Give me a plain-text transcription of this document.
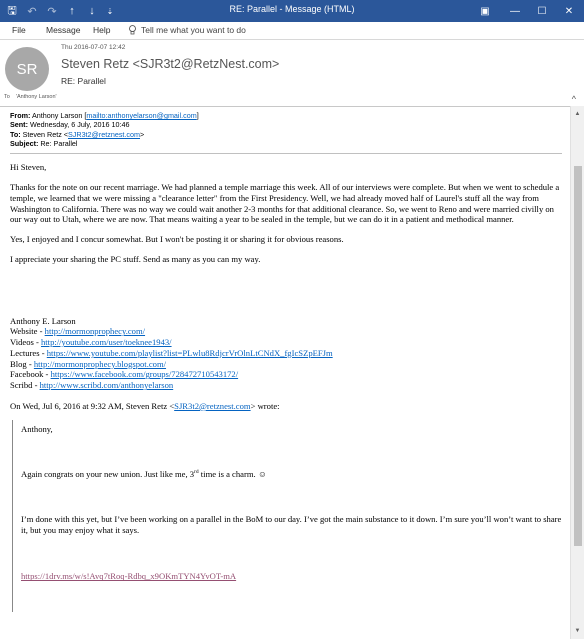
🖫 ↶ ↷	↑	↓	⇣	RE: Parallel - Message (HTML)	▣	—	☐	✕
File Message Help	Tell me what you want to do
SR
Thu 2016-07-07 12:42
Steven Retz <SJR3t2@RetzNest.com>
RE: Parallel
To 'Anthony Larson'	^
From: Anthony Larson [mailto:anthonyelarson@gmail.com]
Sent: Wednesday, 6 July, 2016 10:46
To: Steven Retz <SJR3t2@retznest.com>
Subject: Re: Parallel

Hi Steven,

Thanks for the note on our recent marriage. We had planned a temple marriage this week. All of our interviews were complete. But when we went to schedule a temple, we learned that we were missing a "clearance letter" from the First Presidency. Well, we had already moved half of Laurel's stuff all the way from Washington to California. There was no way we could wait another 2-3 months for that additional clearance. So, we went to Reno and were married civilly on our way out to Utah, where we are now. That means waiting a year to be sealed in the temple, but we can do it in a patient and methodical manner.

Yes, I enjoyed and I concur somewhat. But I won't be posting it or sharing it for obvious reasons.

I appreciate your sharing the PC stuff. Send as many as you can my way.

Anthony E. Larson
Website - http://mormonprophecy.com/
Videos - http://youtube.com/user/toeknee1943/
Lectures - https://www.youtube.com/playlist?list=PLwlu8RdjcrVrOlnLtCNdX_fgIcSZpEFJm
Blog - http://mormonprophecy.blogspot.com/
Facebook - https://www.facebook.com/groups/728472710543172/
Scribd - http://www.scribd.com/anthonyelarson

On Wed, Jul 6, 2016 at 9:32 AM, Steven Retz <SJR3t2@retznest.com> wrote:

Anthony,

Again congrats on your new union. Just like me, 3rd time is a charm. ☺

I’m done with this yet, but I’ve been working on a parallel in the BoM to our day. I’ve got the main substance to it down. I’m sure you’ll won’t want to share it, but you may enjoy what it says.

https://1drv.ms/w/s!Avq7tRoq-Rdbq_x9OKmTYN4YvOT-mA

▲
▼
